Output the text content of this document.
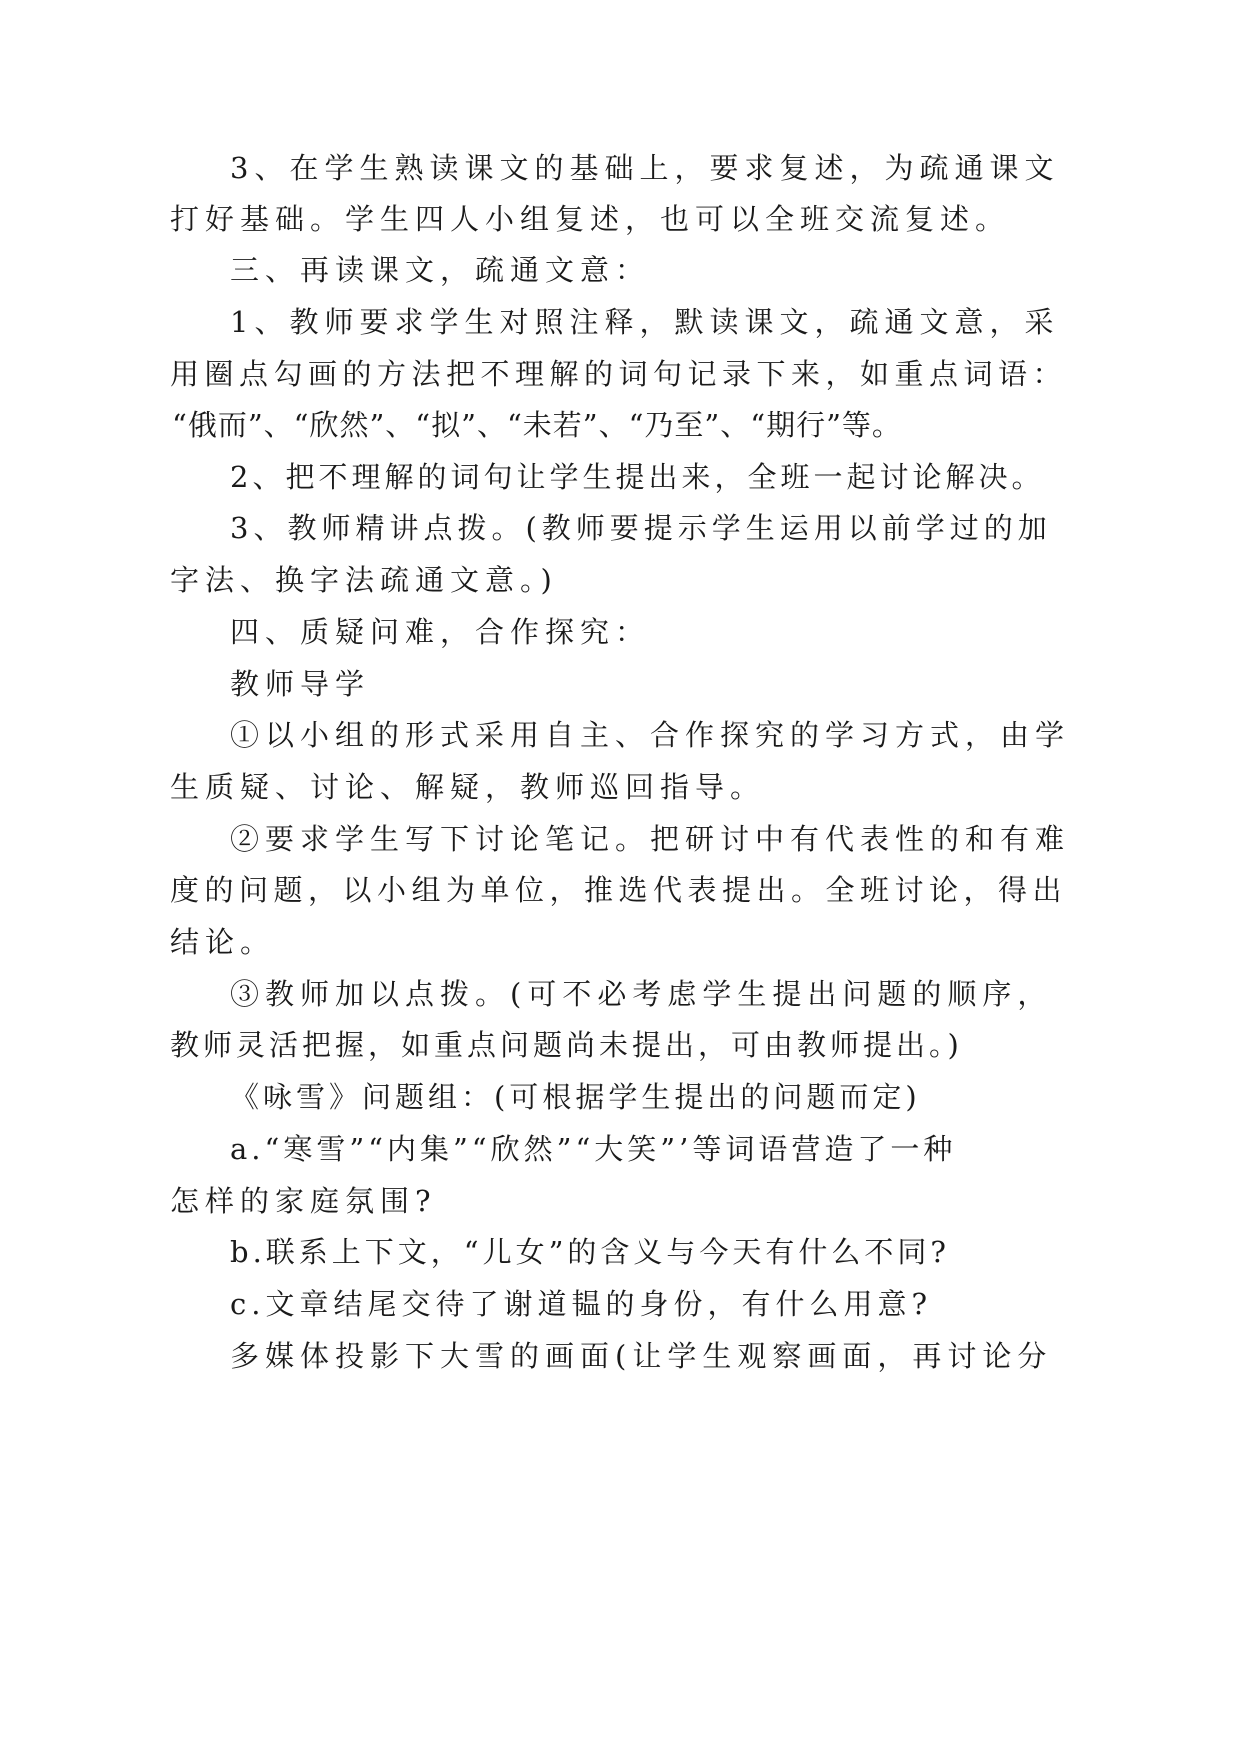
3、在学生熟读课文的基础上，要求复述，为疏通课文
打好基础。学生四人小组复述，也可以全班交流复述。
三、再读课文，疏通文意：
1、教师要求学生对照注释，默读课文，疏通文意，采
用圈点勾画的方法把不理解的词句记录下来，如重点词语：
“俄而”、“欣然”、“拟”、“未若”、“乃至”、“期行”等。
2、把不理解的词句让学生提出来，全班一起讨论解决。
3、教师精讲点拨。(教师要提示学生运用以前学过的加
字法、换字法疏通文意。)
四、质疑问难，合作探究：
教师导学
①以小组的形式采用自主、合作探究的学习方式，由学
生质疑、讨论、解疑，教师巡回指导。
②要求学生写下讨论笔记。把研讨中有代表性的和有难
度的问题，以小组为单位，推选代表提出。全班讨论，得出
结论。
③教师加以点拨。(可不必考虑学生提出问题的顺序，
教师灵活把握，如重点问题尚未提出，可由教师提出。)
《咏雪》问题组：(可根据学生提出的问题而定)
a.“寒雪”“内集”“欣然”“大笑”’等词语营造了一种
怎样的家庭氛围?
b.联系上下文，“儿女”的含义与今天有什么不同?
c.文章结尾交待了谢道韫的身份，有什么用意?
多媒体投影下大雪的画面(让学生观察画面，再讨论分
